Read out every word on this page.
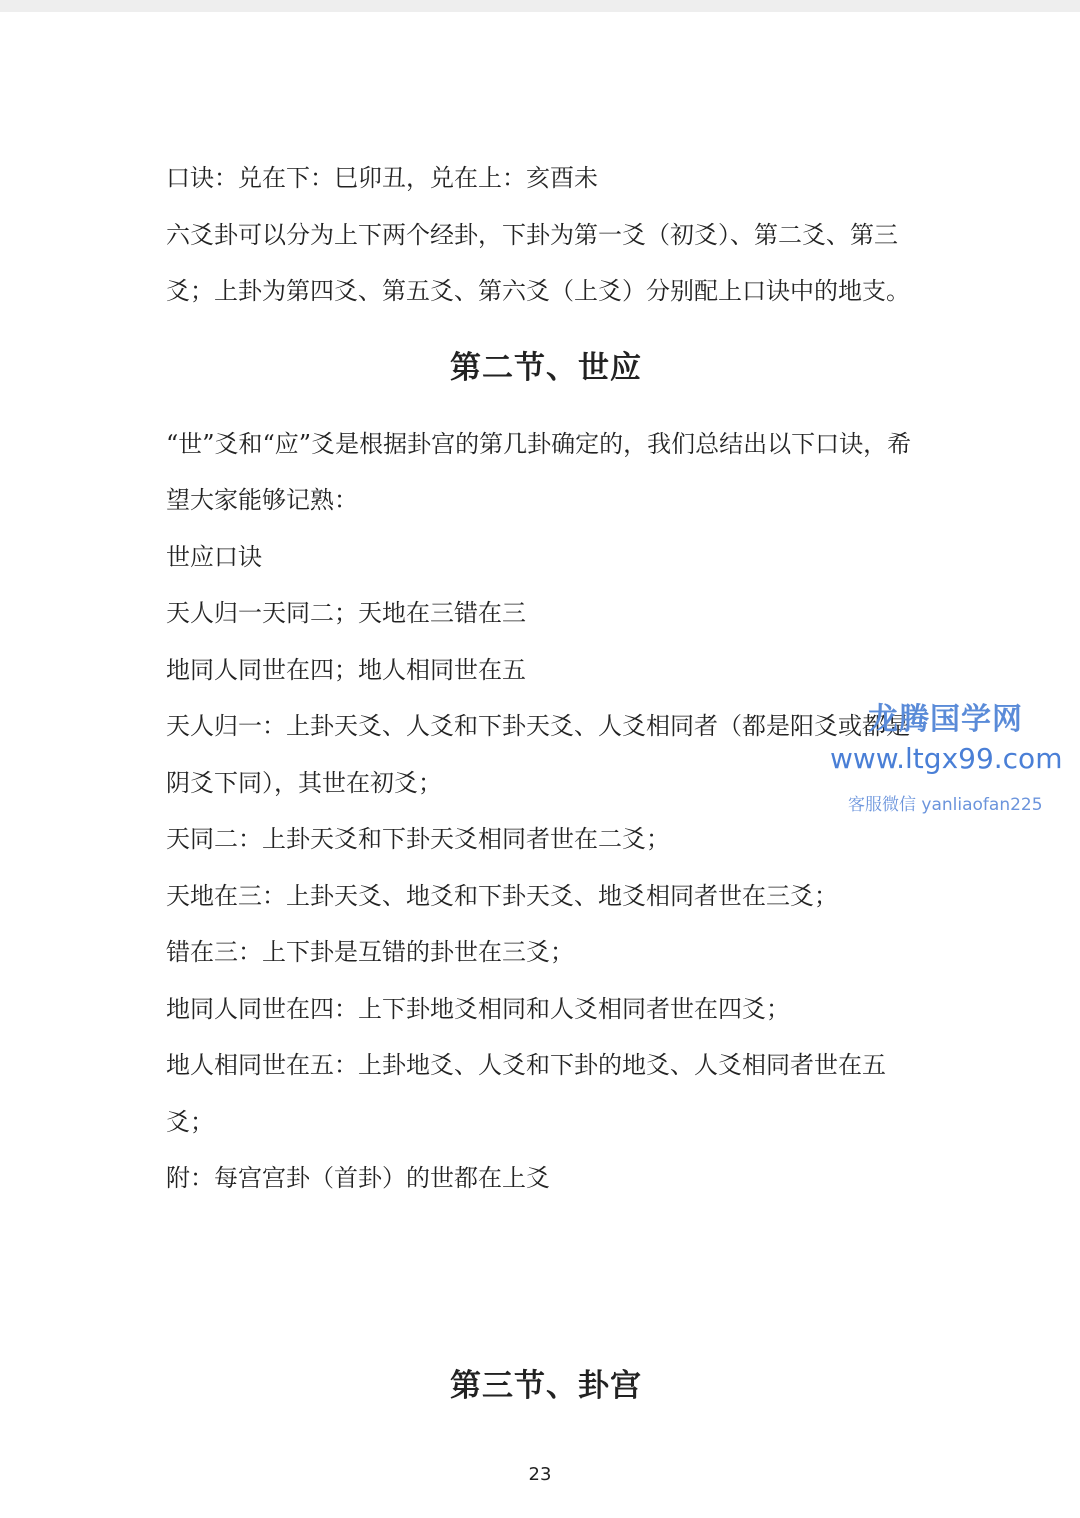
口诀：兑在下：巳卯丑，兑在上：亥酉未

六爻卦可以分为上下两个经卦，下卦为第一爻（初爻）、第二爻、第三爻；上卦为第四爻、第五爻、第六爻（上爻）分别配上口诀中的地支。

第二节、世应

“世”爻和“应”爻是根据卦宫的第几卦确定的，我们总结出以下口诀，希望大家能够记熟：

世应口诀

天人归一天同二；天地在三错在三

地同人同世在四；地人相同世在五

天人归一：上卦天爻、人爻和下卦天爻、人爻相同者（都是阳爻或都是阴爻下同），其世在初爻；

天同二：上卦天爻和下卦天爻相同者世在二爻；

天地在三：上卦天爻、地爻和下卦天爻、地爻相同者世在三爻；

错在三：上下卦是互错的卦世在三爻；

地同人同世在四：上下卦地爻相同和人爻相同者世在四爻；

地人相同世在五：上卦地爻、人爻和下卦的地爻、人爻相同者世在五爻；

附：每宫宫卦（首卦）的世都在上爻

第三节、卦宫
龙腾国学网
www.ltgx99.com
客服微信 yanliaofan225
23
